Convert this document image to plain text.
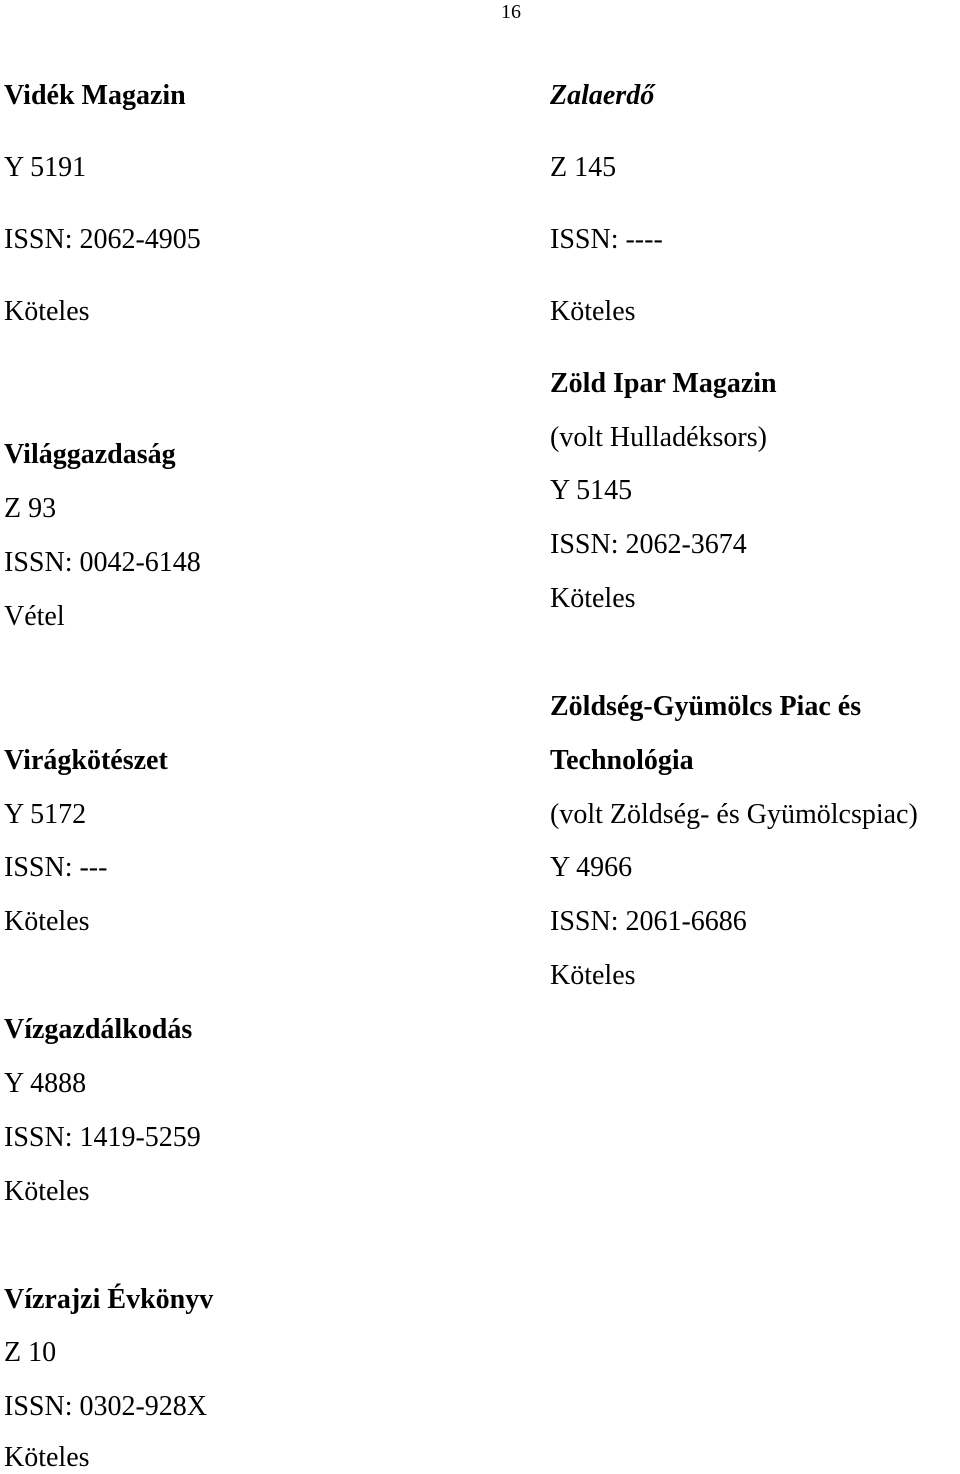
16
Vidék Magazin
Y 5191
ISSN: 2062-4905
Köteles
Világgazdaság
Z 93
ISSN: 0042-6148
Vétel
Virágkötészet
Y 5172
ISSN: ---
Köteles
Vízgazdálkodás
Y 4888
ISSN: 1419-5259
Köteles
Vízrajzi Évkönyv
Z 10
ISSN: 0302-928X
Köteles
Zalaerdő
Z 145
ISSN: ----
Köteles
Zöld Ipar Magazin
(volt Hulladéksors)
Y 5145
ISSN: 2062-3674
Köteles
Zöldség-Gyümölcs Piac és
Technológia
(volt Zöldség- és Gyümölcspiac)
Y 4966
ISSN: 2061-6686
Köteles
